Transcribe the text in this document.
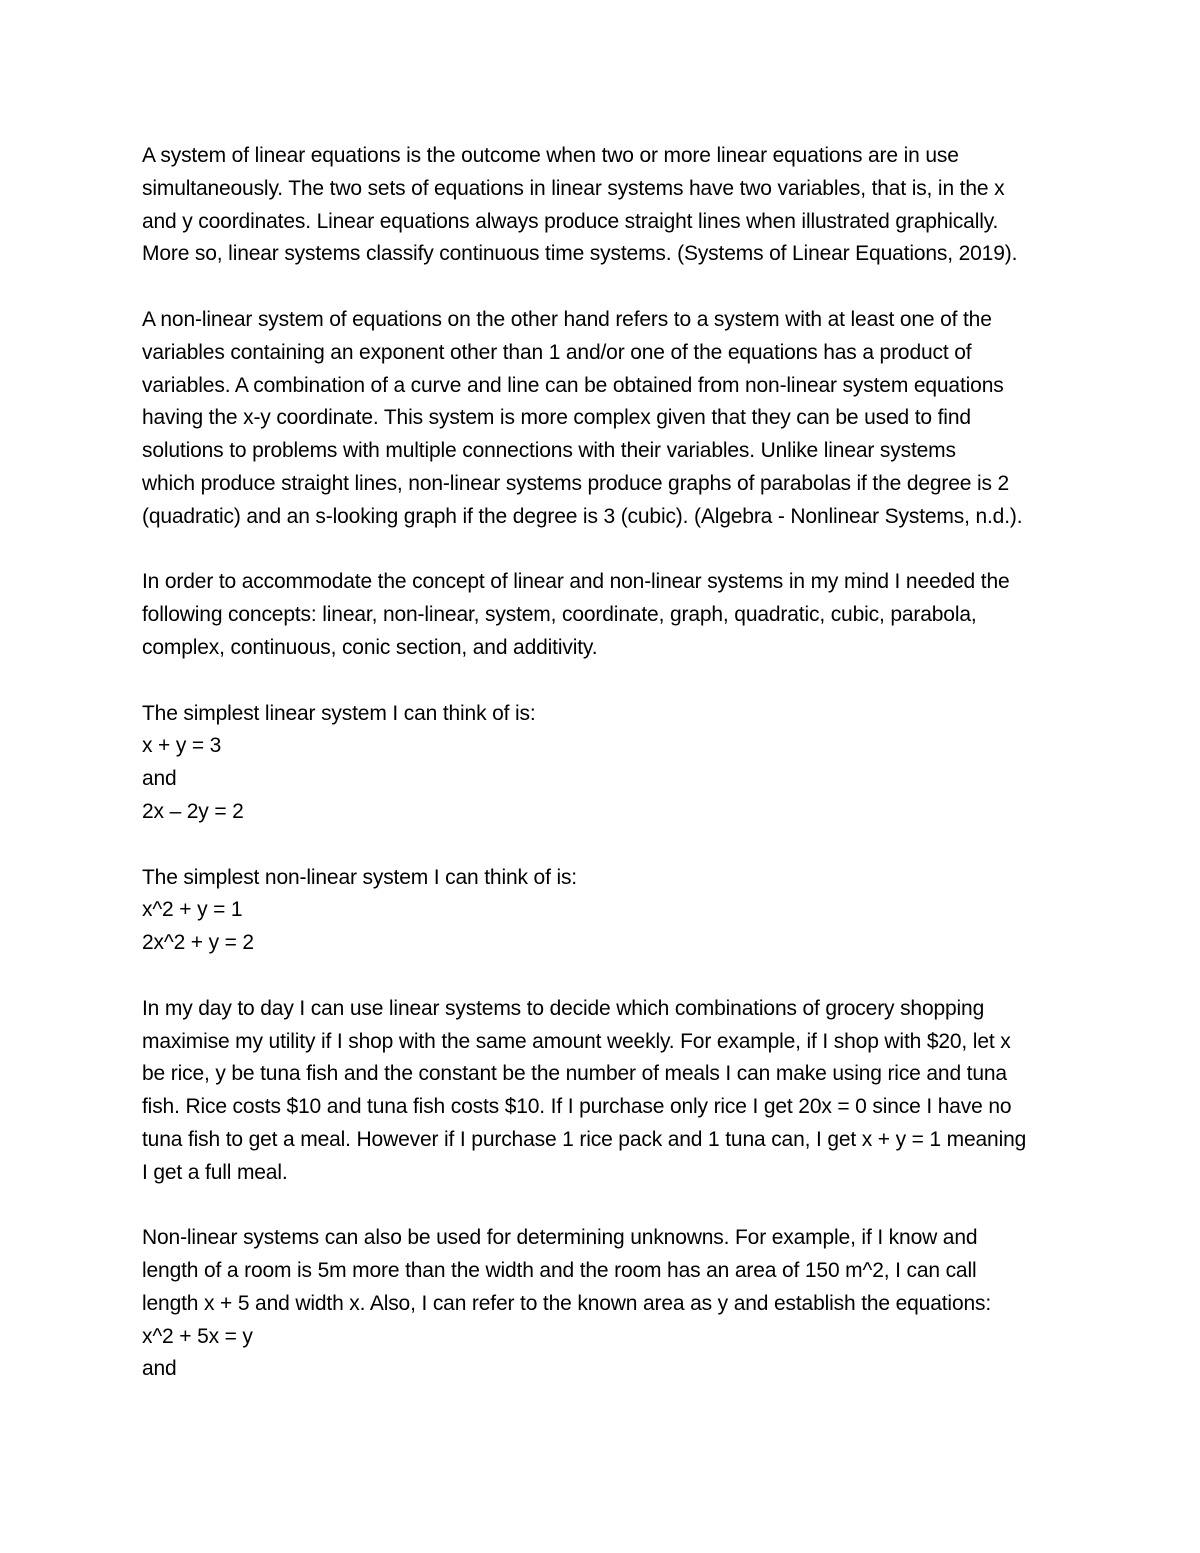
A system of linear equations is the outcome when two or more linear equations are in use
simultaneously. The two sets of equations in linear systems have two variables, that is, in the x
and y coordinates. Linear equations always produce straight lines when illustrated graphically.
More so, linear systems classify continuous time systems. (Systems of Linear Equations, 2019).
A non-linear system of equations on the other hand refers to a system with at least one of the
variables containing an exponent other than 1 and/or one of the equations has a product of
variables. A combination of a curve and line can be obtained from non-linear system equations
having the x-y coordinate. This system is more complex given that they can be used to find
solutions to problems with multiple connections with their variables. Unlike linear systems
which produce straight lines, non-linear systems produce graphs of parabolas if the degree is 2
(quadratic) and an s-looking graph if the degree is 3 (cubic). (Algebra - Nonlinear Systems, n.d.).
In order to accommodate the concept of linear and non-linear systems in my mind I needed the
following concepts: linear, non-linear, system, coordinate, graph, quadratic, cubic, parabola,
complex, continuous, conic section, and additivity.
The simplest linear system I can think of is:
x + y = 3
and
2x – 2y = 2
The simplest non-linear system I can think of is:
x^2 + y = 1
2x^2 + y = 2
In my day to day I can use linear systems to decide which combinations of grocery shopping
maximise my utility if I shop with the same amount weekly. For example, if I shop with $20, let x
be rice, y be tuna fish and the constant be the number of meals I can make using rice and tuna
fish. Rice costs $10 and tuna fish costs $10. If I purchase only rice I get 20x = 0 since I have no
tuna fish to get a meal. However if I purchase 1 rice pack and 1 tuna can, I get x + y = 1 meaning
I get a full meal.
Non-linear systems can also be used for determining unknowns. For example, if I know and
length of a room is 5m more than the width and the room has an area of 150 m^2, I can call
length x + 5 and width x. Also, I can refer to the known area as y and establish the equations:
x^2 + 5x = y
and
